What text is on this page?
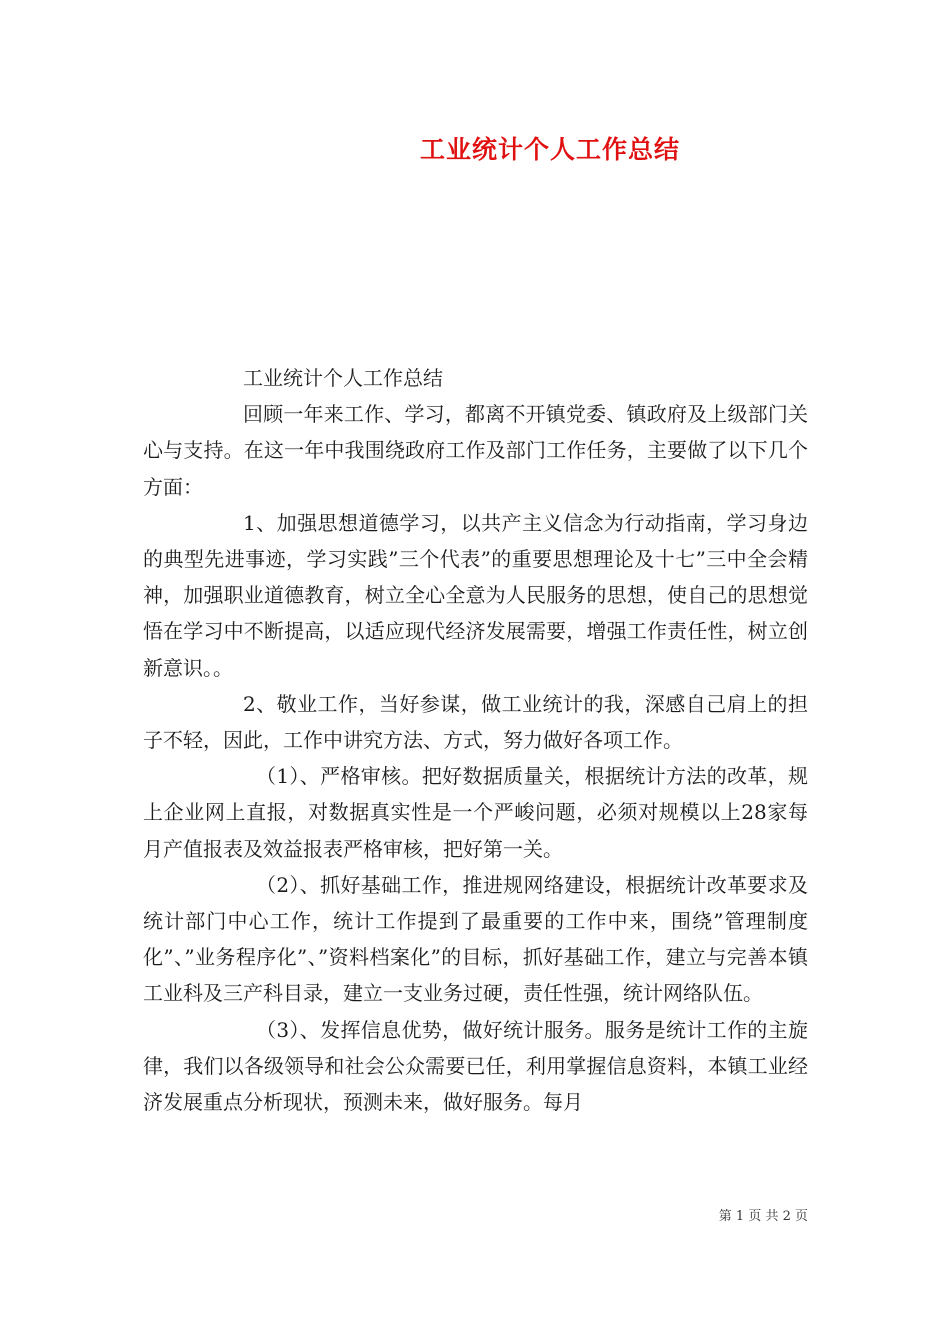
工业统计个人工作总结

工业统计个人工作总结

回顾一年来工作、学习，都离不开镇党委、镇政府及上级部门关心与支持。在这一年中我围绕政府工作及部门工作任务，主要做了以下几个方面：

1、加强思想道德学习，以共产主义信念为行动指南，学习身边的典型先进事迹，学习实践”三个代表”的重要思想理论及十七”三中全会精神，加强职业道德教育，树立全心全意为人民服务的思想，使自己的思想觉悟在学习中不断提高，以适应现代经济发展需要，增强工作责任性，树立创新意识。。

2、敬业工作，当好参谋，做工业统计的我，深感自己肩上的担子不轻，因此，工作中讲究方法、方式，努力做好各项工作。

（1）、严格审核。把好数据质量关，根据统计方法的改革，规上企业网上直报，对数据真实性是一个严峻问题，必须对规模以上28家每月产值报表及效益报表严格审核，把好第一关。

（2）、抓好基础工作，推进规网络建设，根据统计改革要求及统计部门中心工作，统计工作提到了最重要的工作中来，围绕”管理制度化”、”业务程序化”、”资料档案化”的目标，抓好基础工作，建立与完善本镇工业科及三产科目录，建立一支业务过硬，责任性强，统计网络队伍。

（3）、发挥信息优势，做好统计服务。服务是统计工作的主旋律，我们以各级领导和社会公众需要已任，利用掌握信息资料，本镇工业经济发展重点分析现状，预测未来，做好服务。每月

第 1 页 共 2 页
